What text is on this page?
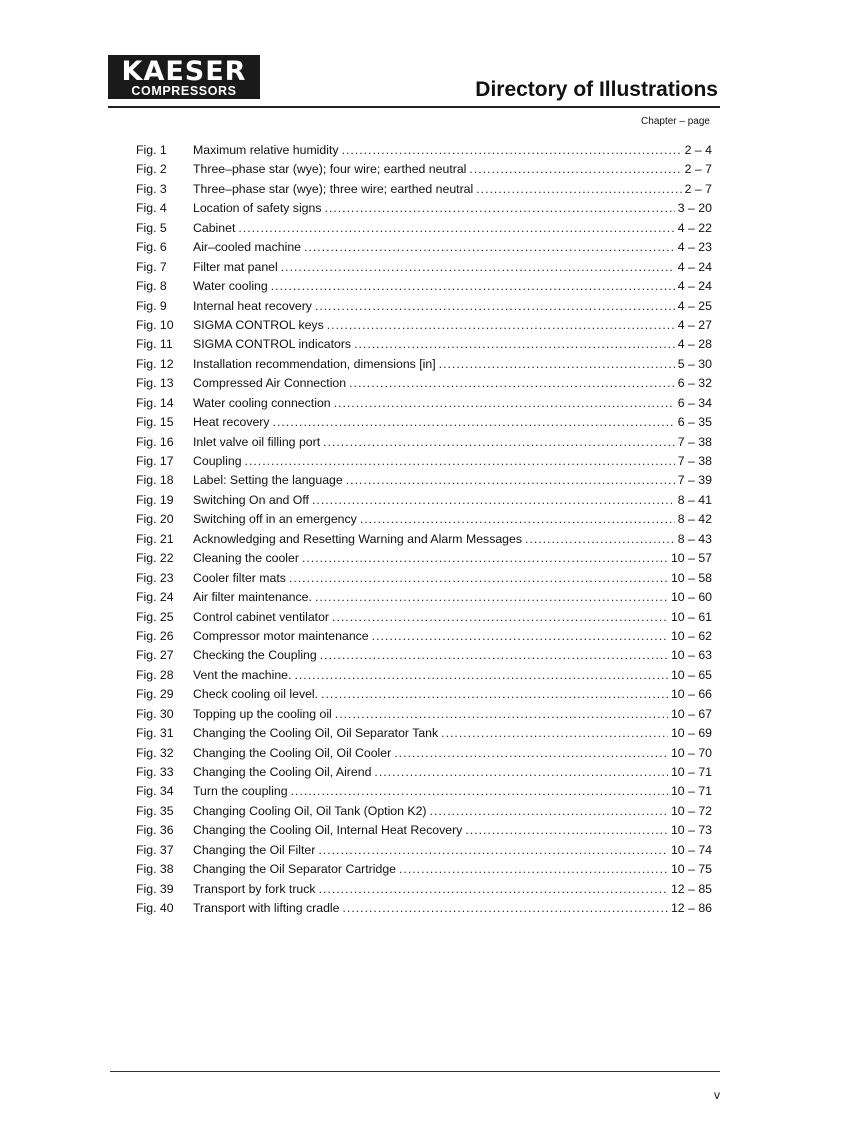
KAESER
COMPRESSORS	Directory of Illustrations
Chapter – page
Fig. 1	Maximum relative humidity .....	2 – 4
Fig. 2	Three–phase star (wye); four wire; earthed neutral .....	2 – 7
Fig. 3	Three–phase star (wye); three wire; earthed neutral .....	2 – 7
Fig. 4	Location of safety signs .....	3 – 20
Fig. 5	Cabinet .....	4 – 22
Fig. 6	Air–cooled machine .....	4 – 23
Fig. 7	Filter mat panel .....	4 – 24
Fig. 8	Water cooling .....	4 – 24
Fig. 9	Internal heat recovery .....	4 – 25
Fig. 10	SIGMA CONTROL keys .....	4 – 27
Fig. 11	SIGMA CONTROL indicators .....	4 – 28
Fig. 12	Installation recommendation, dimensions [in] .....	5 – 30
Fig. 13	Compressed Air Connection .....	6 – 32
Fig. 14	Water cooling connection .....	6 – 34
Fig. 15	Heat recovery .....	6 – 35
Fig. 16	Inlet valve oil filling port .....	7 – 38
Fig. 17	Coupling .....	7 – 38
Fig. 18	Label: Setting the language .....	7 – 39
Fig. 19	Switching On and Off .....	8 – 41
Fig. 20	Switching off in an emergency .....	8 – 42
Fig. 21	Acknowledging and Resetting Warning and Alarm Messages .....	8 – 43
Fig. 22	Cleaning the cooler .....	10 – 57
Fig. 23	Cooler filter mats .....	10 – 58
Fig. 24	Air filter maintenance. .....	10 – 60
Fig. 25	Control cabinet ventilator .....	10 – 61
Fig. 26	Compressor motor maintenance .....	10 – 62
Fig. 27	Checking the Coupling .....	10 – 63
Fig. 28	Vent the machine. .....	10 – 65
Fig. 29	Check cooling oil level. .....	10 – 66
Fig. 30	Topping up the cooling oil .....	10 – 67
Fig. 31	Changing the Cooling Oil, Oil Separator Tank .....	10 – 69
Fig. 32	Changing the Cooling Oil, Oil Cooler .....	10 – 70
Fig. 33	Changing the Cooling Oil, Airend .....	10 – 71
Fig. 34	Turn the coupling .....	10 – 71
Fig. 35	Changing Cooling Oil, Oil Tank (Option K2) .....	10 – 72
Fig. 36	Changing the Cooling Oil, Internal Heat Recovery .....	10 – 73
Fig. 37	Changing the Oil Filter .....	10 – 74
Fig. 38	Changing the Oil Separator Cartridge .....	10 – 75
Fig. 39	Transport by fork truck .....	12 – 85
Fig. 40	Transport with lifting cradle .....	12 – 86
v
